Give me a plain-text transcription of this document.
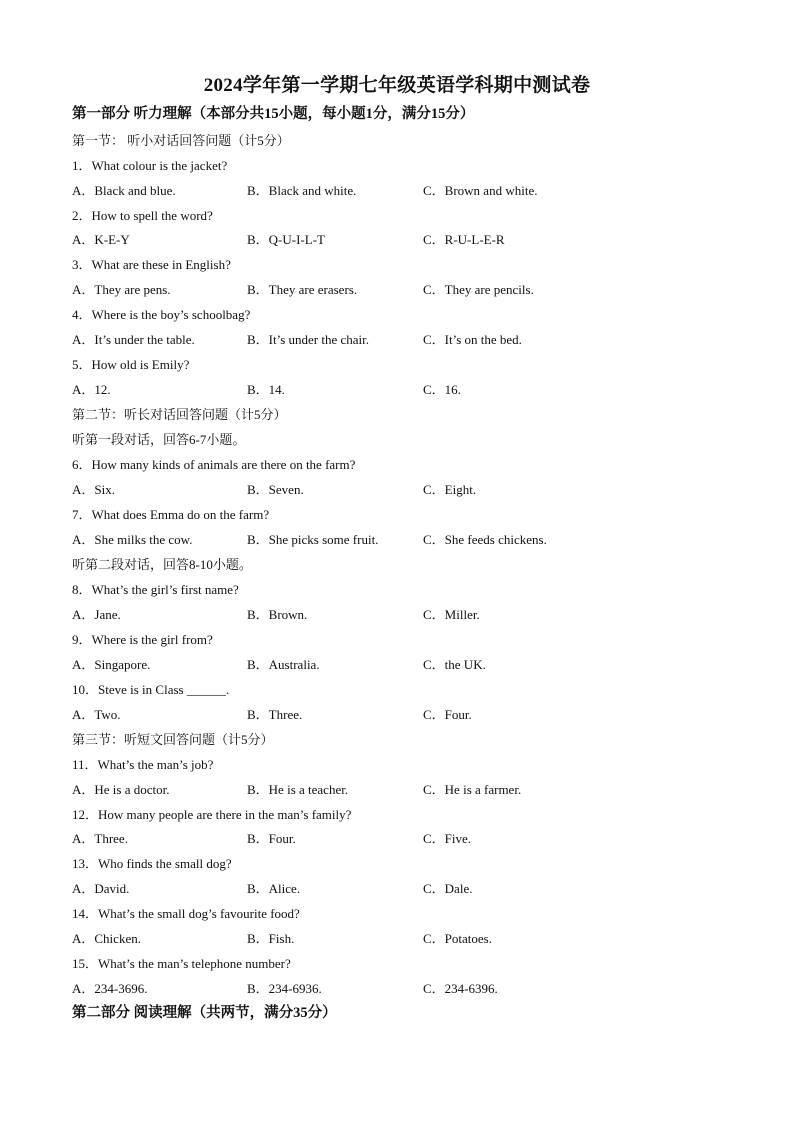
2024学年第一学期七年级英语学科期中测试卷
第一部分 听力理解（本部分共15小题，每小题1分，满分15分）
第一节： 听小对话回答问题（计5分）
1．What colour is the jacket?
A．Black and blue.	B．Black and white.	C．Brown and white.
2．How to spell the word?
A．K-E-Y	B．Q-U-I-L-T	C．R-U-L-E-R
3．What are these in English?
A．They are pens.	B．They are erasers.	C．They are pencils.
4．Where is the boy’s schoolbag?
A．It’s under the table.	B．It’s under the chair.	C．It’s on the bed.
5．How old is Emily?
A．12.	B．14.	C．16.
第二节：听长对话回答问题（计5分）
听第一段对话，回答6-7小题。
6．How many kinds of animals are there on the farm?
A．Six.	B．Seven.	C．Eight.
7．What does Emma do on the farm?
A．She milks the cow.	B．She picks some fruit.	C．She feeds chickens.
听第二段对话，回答8-10小题。
8．What’s the girl’s first name?
A．Jane.	B．Brown.	C．Miller.
9．Where is the girl from?
A．Singapore.	B．Australia.	C．the UK.
10．Steve is in Class ______.
A．Two.	B．Three.	C．Four.
第三节：听短文回答问题（计5分）
11．What’s the man’s job?
A．He is a doctor.	B．He is a teacher.	C．He is a farmer.
12．How many people are there in the man’s family?
A．Three.	B．Four.	C．Five.
13．Who finds the small dog?
A．David.	B．Alice.	C．Dale.
14．What’s the small dog’s favourite food?
A．Chicken.	B．Fish.	C．Potatoes.
15．What’s the man’s telephone number?
A．234-3696.	B．234-6936.	C．234-6396.
第二部分 阅读理解（共两节，满分35分）
